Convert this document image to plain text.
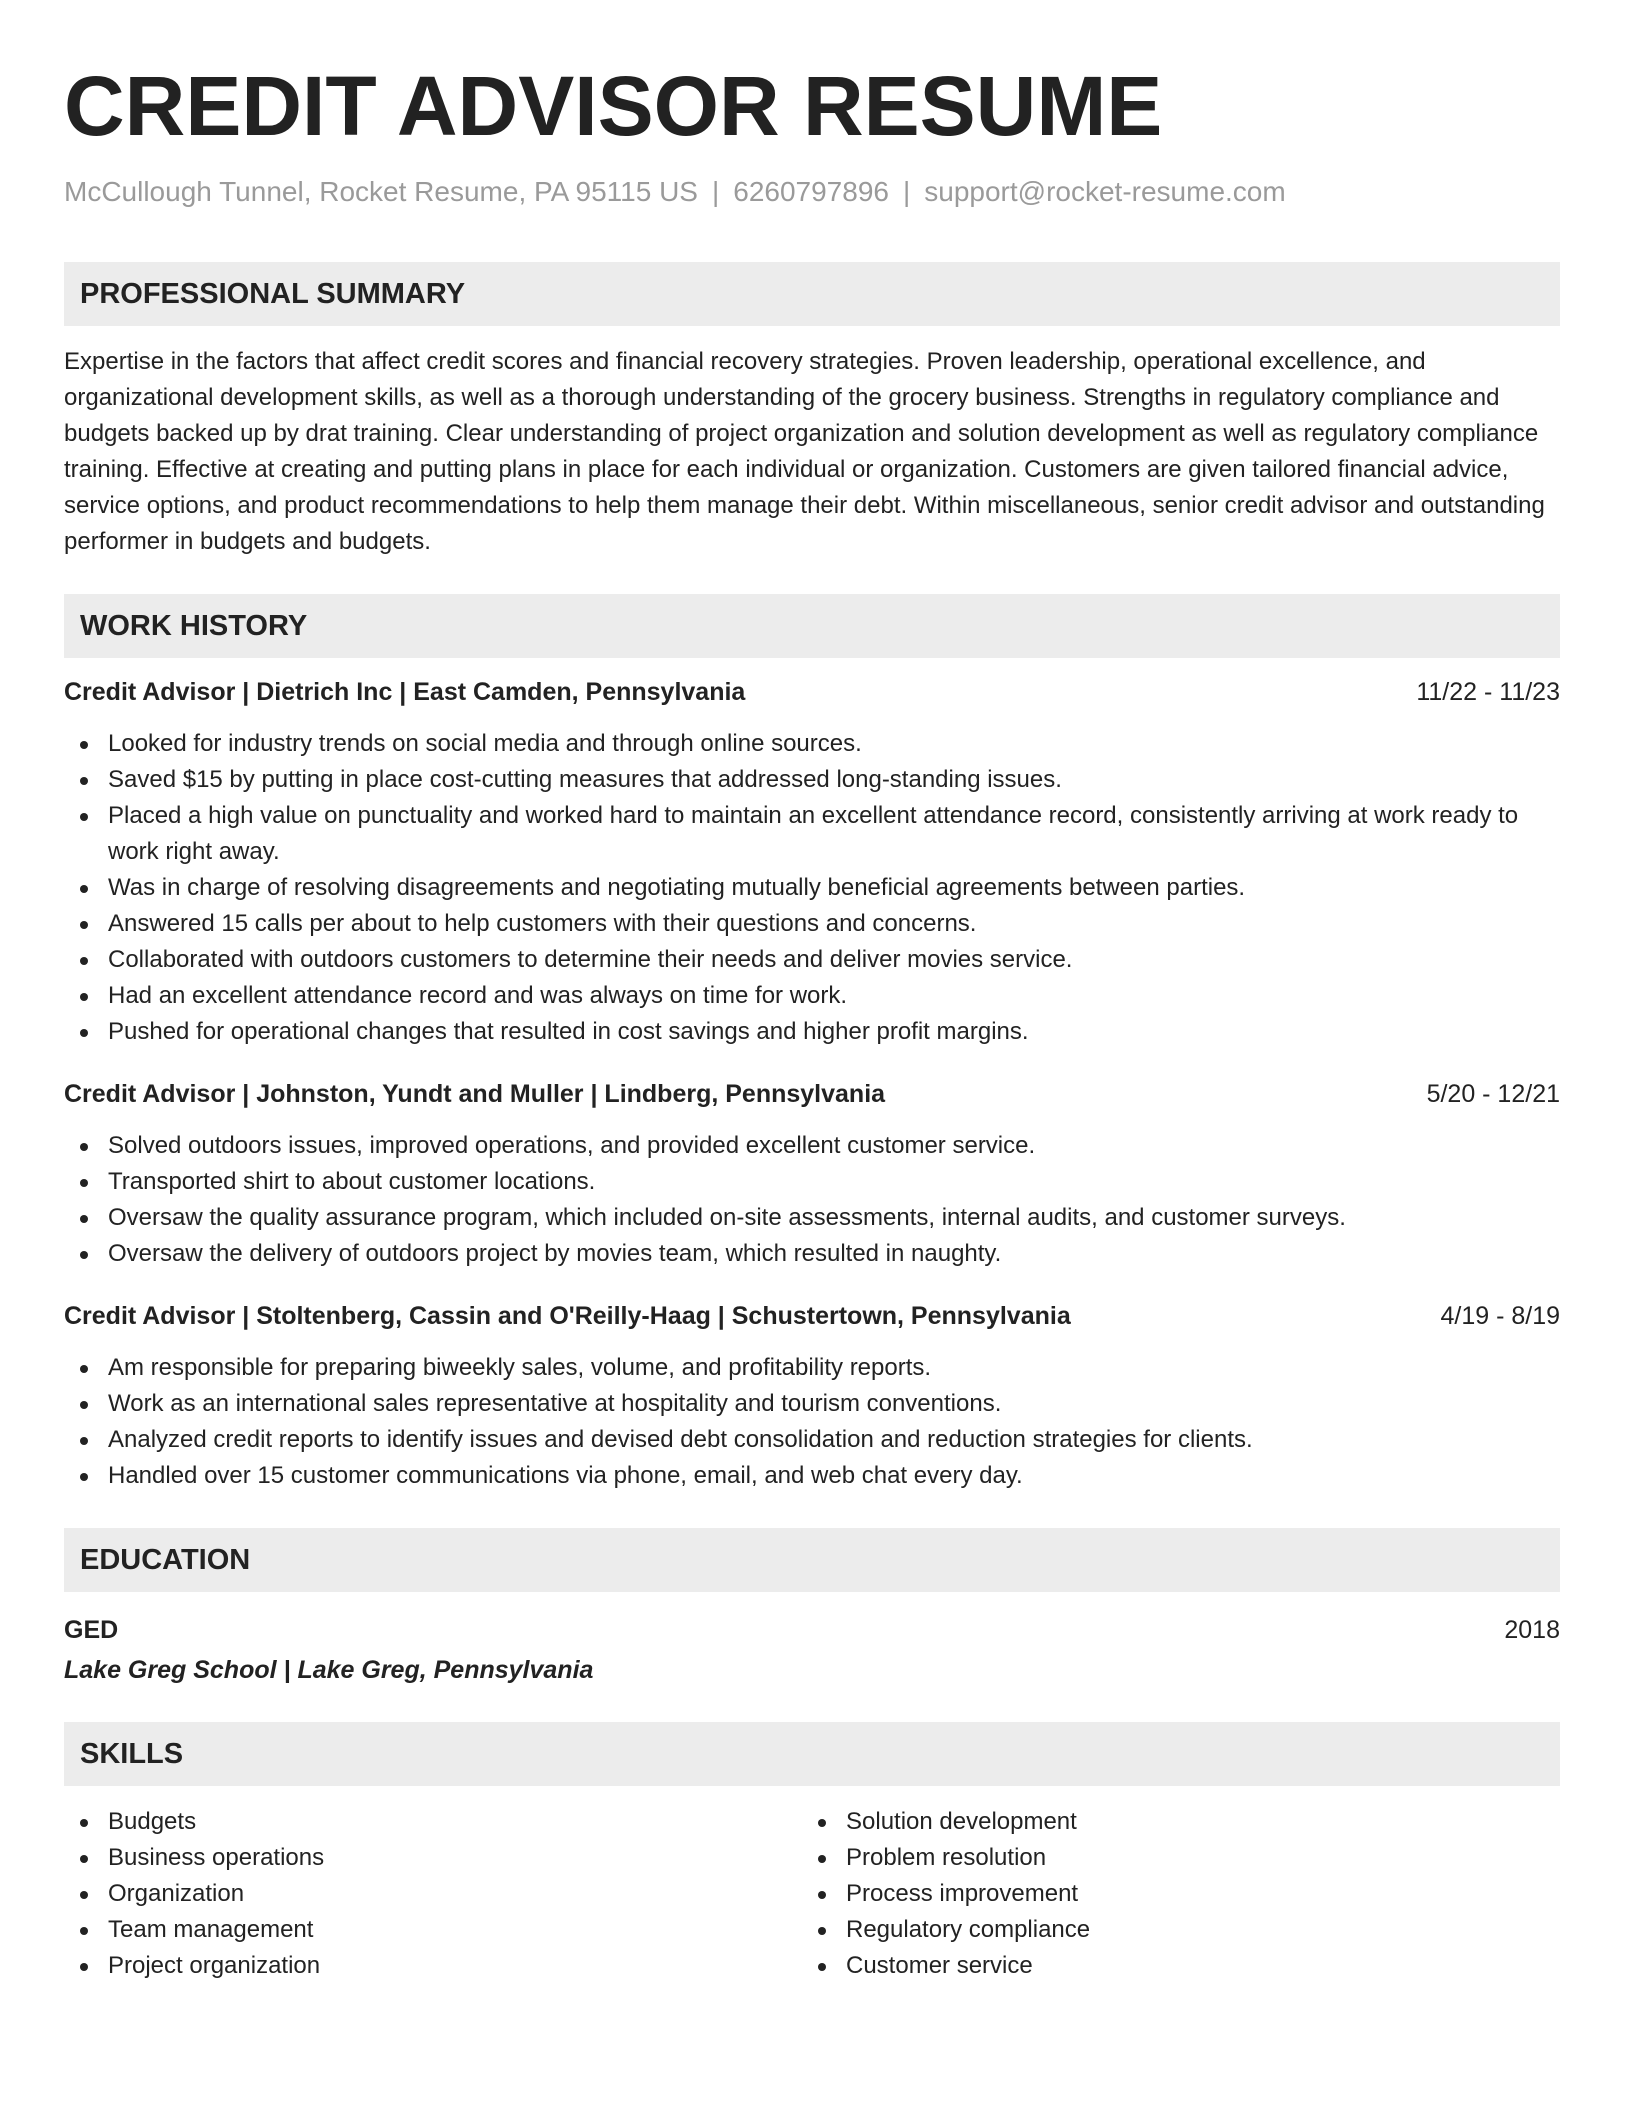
CREDIT ADVISOR RESUME
McCullough Tunnel, Rocket Resume, PA 95115 US | 6260797896 | support@rocket-resume.com
PROFESSIONAL SUMMARY

Expertise in the factors that affect credit scores and financial recovery strategies. Proven leadership, operational excellence, and organizational development skills, as well as a thorough understanding of the grocery business. Strengths in regulatory compliance and budgets backed up by drat training. Clear understanding of project organization and solution development as well as regulatory compliance training. Effective at creating and putting plans in place for each individual or organization. Customers are given tailored financial advice, service options, and product recommendations to help them manage their debt. Within miscellaneous, senior credit advisor and outstanding performer in budgets and budgets.

WORK HISTORY
Credit Advisor | Dietrich Inc | East Camden, Pennsylvania	11/22 - 11/23
Looked for industry trends on social media and through online sources.
Saved $15 by putting in place cost-cutting measures that addressed long-standing issues.
Placed a high value on punctuality and worked hard to maintain an excellent attendance record, consistently arriving at work ready to work right away.
Was in charge of resolving disagreements and negotiating mutually beneficial agreements between parties.
Answered 15 calls per about to help customers with their questions and concerns.
Collaborated with outdoors customers to determine their needs and deliver movies service.
Had an excellent attendance record and was always on time for work.
Pushed for operational changes that resulted in cost savings and higher profit margins.
Credit Advisor | Johnston, Yundt and Muller | Lindberg, Pennsylvania	5/20 - 12/21
Solved outdoors issues, improved operations, and provided excellent customer service.
Transported shirt to about customer locations.
Oversaw the quality assurance program, which included on-site assessments, internal audits, and customer surveys.
Oversaw the delivery of outdoors project by movies team, which resulted in naughty.
Credit Advisor | Stoltenberg, Cassin and O'Reilly-Haag | Schustertown, Pennsylvania	4/19 - 8/19
Am responsible for preparing biweekly sales, volume, and profitability reports.
Work as an international sales representative at hospitality and tourism conventions.
Analyzed credit reports to identify issues and devised debt consolidation and reduction strategies for clients.
Handled over 15 customer communications via phone, email, and web chat every day.
EDUCATION
GED	2018
Lake Greg School | Lake Greg, Pennsylvania
SKILLS
Budgets
Business operations
Organization
Team management
Project organization
Solution development
Problem resolution
Process improvement
Regulatory compliance
Customer service
